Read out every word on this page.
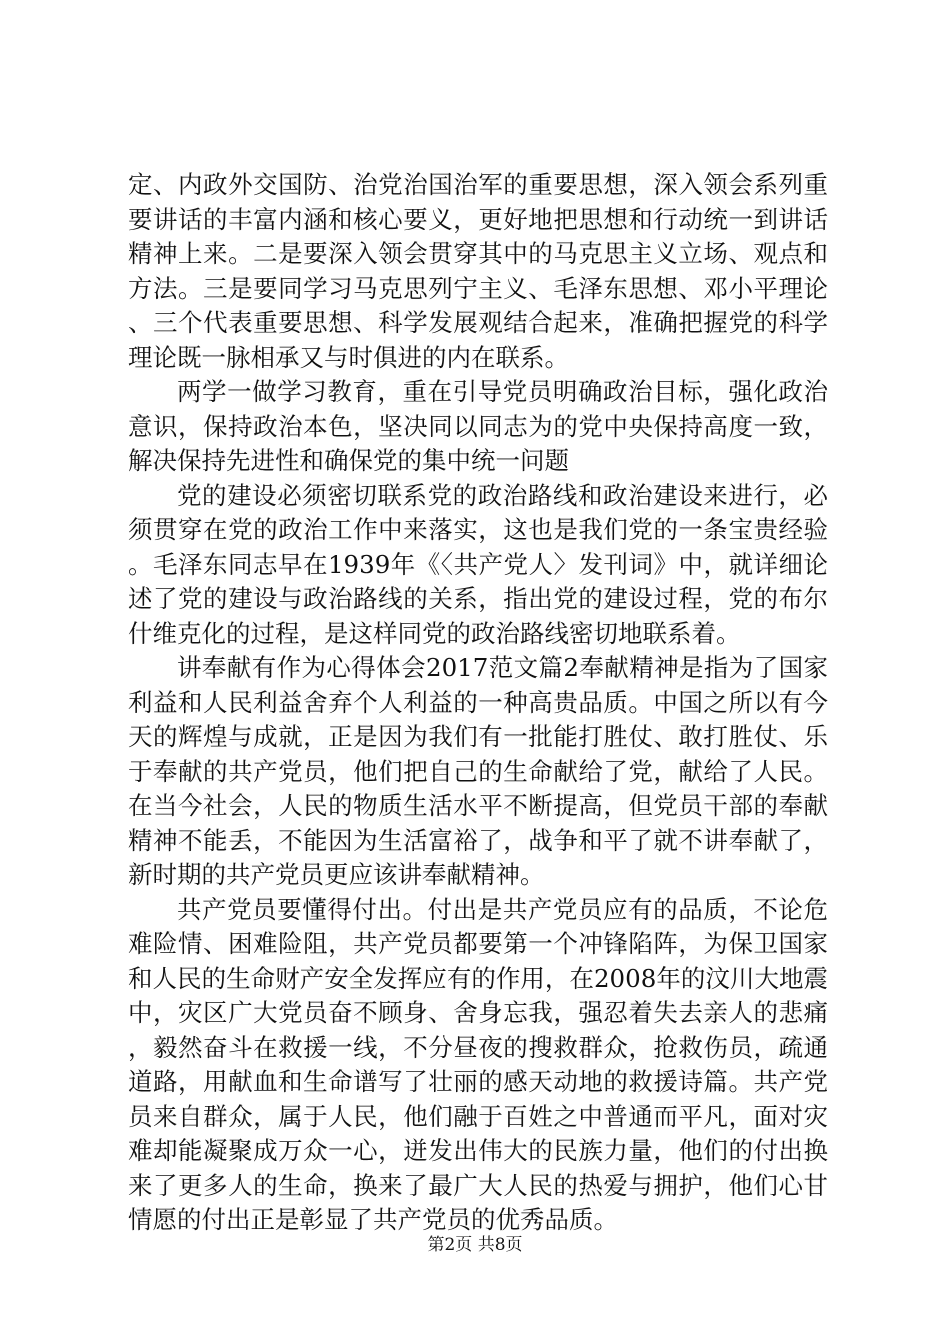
定、内政外交国防、治党治国治军的重要思想，深入领会系列重要讲话的丰富内涵和核心要义，更好地把思想和行动统一到讲话精神上来。二是要深入领会贯穿其中的马克思主义立场、观点和方法。三是要同学习马克思列宁主义、毛泽东思想、邓小平理论、三个代表重要思想、科学发展观结合起来，准确把握党的科学理论既一脉相承又与时俱进的内在联系。

两学一做学习教育，重在引导党员明确政治目标，强化政治意识，保持政治本色，坚决同以同志为的党中央保持高度一致，解决保持先进性和确保党的集中统一问题

党的建设必须密切联系党的政治路线和政治建设来进行，必须贯穿在党的政治工作中来落实，这也是我们党的一条宝贵经验。毛泽东同志早在1939年《〈共产党人〉发刊词》中，就详细论述了党的建设与政治路线的关系，指出党的建设过程，党的布尔什维克化的过程，是这样同党的政治路线密切地联系着。

讲奉献有作为心得体会2017范文篇2奉献精神是指为了国家利益和人民利益舍弃个人利益的一种高贵品质。中国之所以有今天的辉煌与成就，正是因为我们有一批能打胜仗、敢打胜仗、乐于奉献的共产党员，他们把自己的生命献给了党，献给了人民。在当今社会，人民的物质生活水平不断提高，但党员干部的奉献精神不能丢，不能因为生活富裕了，战争和平了就不讲奉献了，新时期的共产党员更应该讲奉献精神。

共产党员要懂得付出。付出是共产党员应有的品质，不论危难险情、困难险阻，共产党员都要第一个冲锋陷阵，为保卫国家和人民的生命财产安全发挥应有的作用，在2008年的汶川大地震中，灾区广大党员奋不顾身、舍身忘我，强忍着失去亲人的悲痛，毅然奋斗在救援一线，不分昼夜的搜救群众，抢救伤员，疏通道路，用献血和生命谱写了壮丽的感天动地的救援诗篇。共产党员来自群众，属于人民，他们融于百姓之中普通而平凡，面对灾难却能凝聚成万众一心，迸发出伟大的民族力量，他们的付出换来了更多人的生命，换来了最广大人民的热爱与拥护，他们心甘情愿的付出正是彰显了共产党员的优秀品质。

第2页 共8页
